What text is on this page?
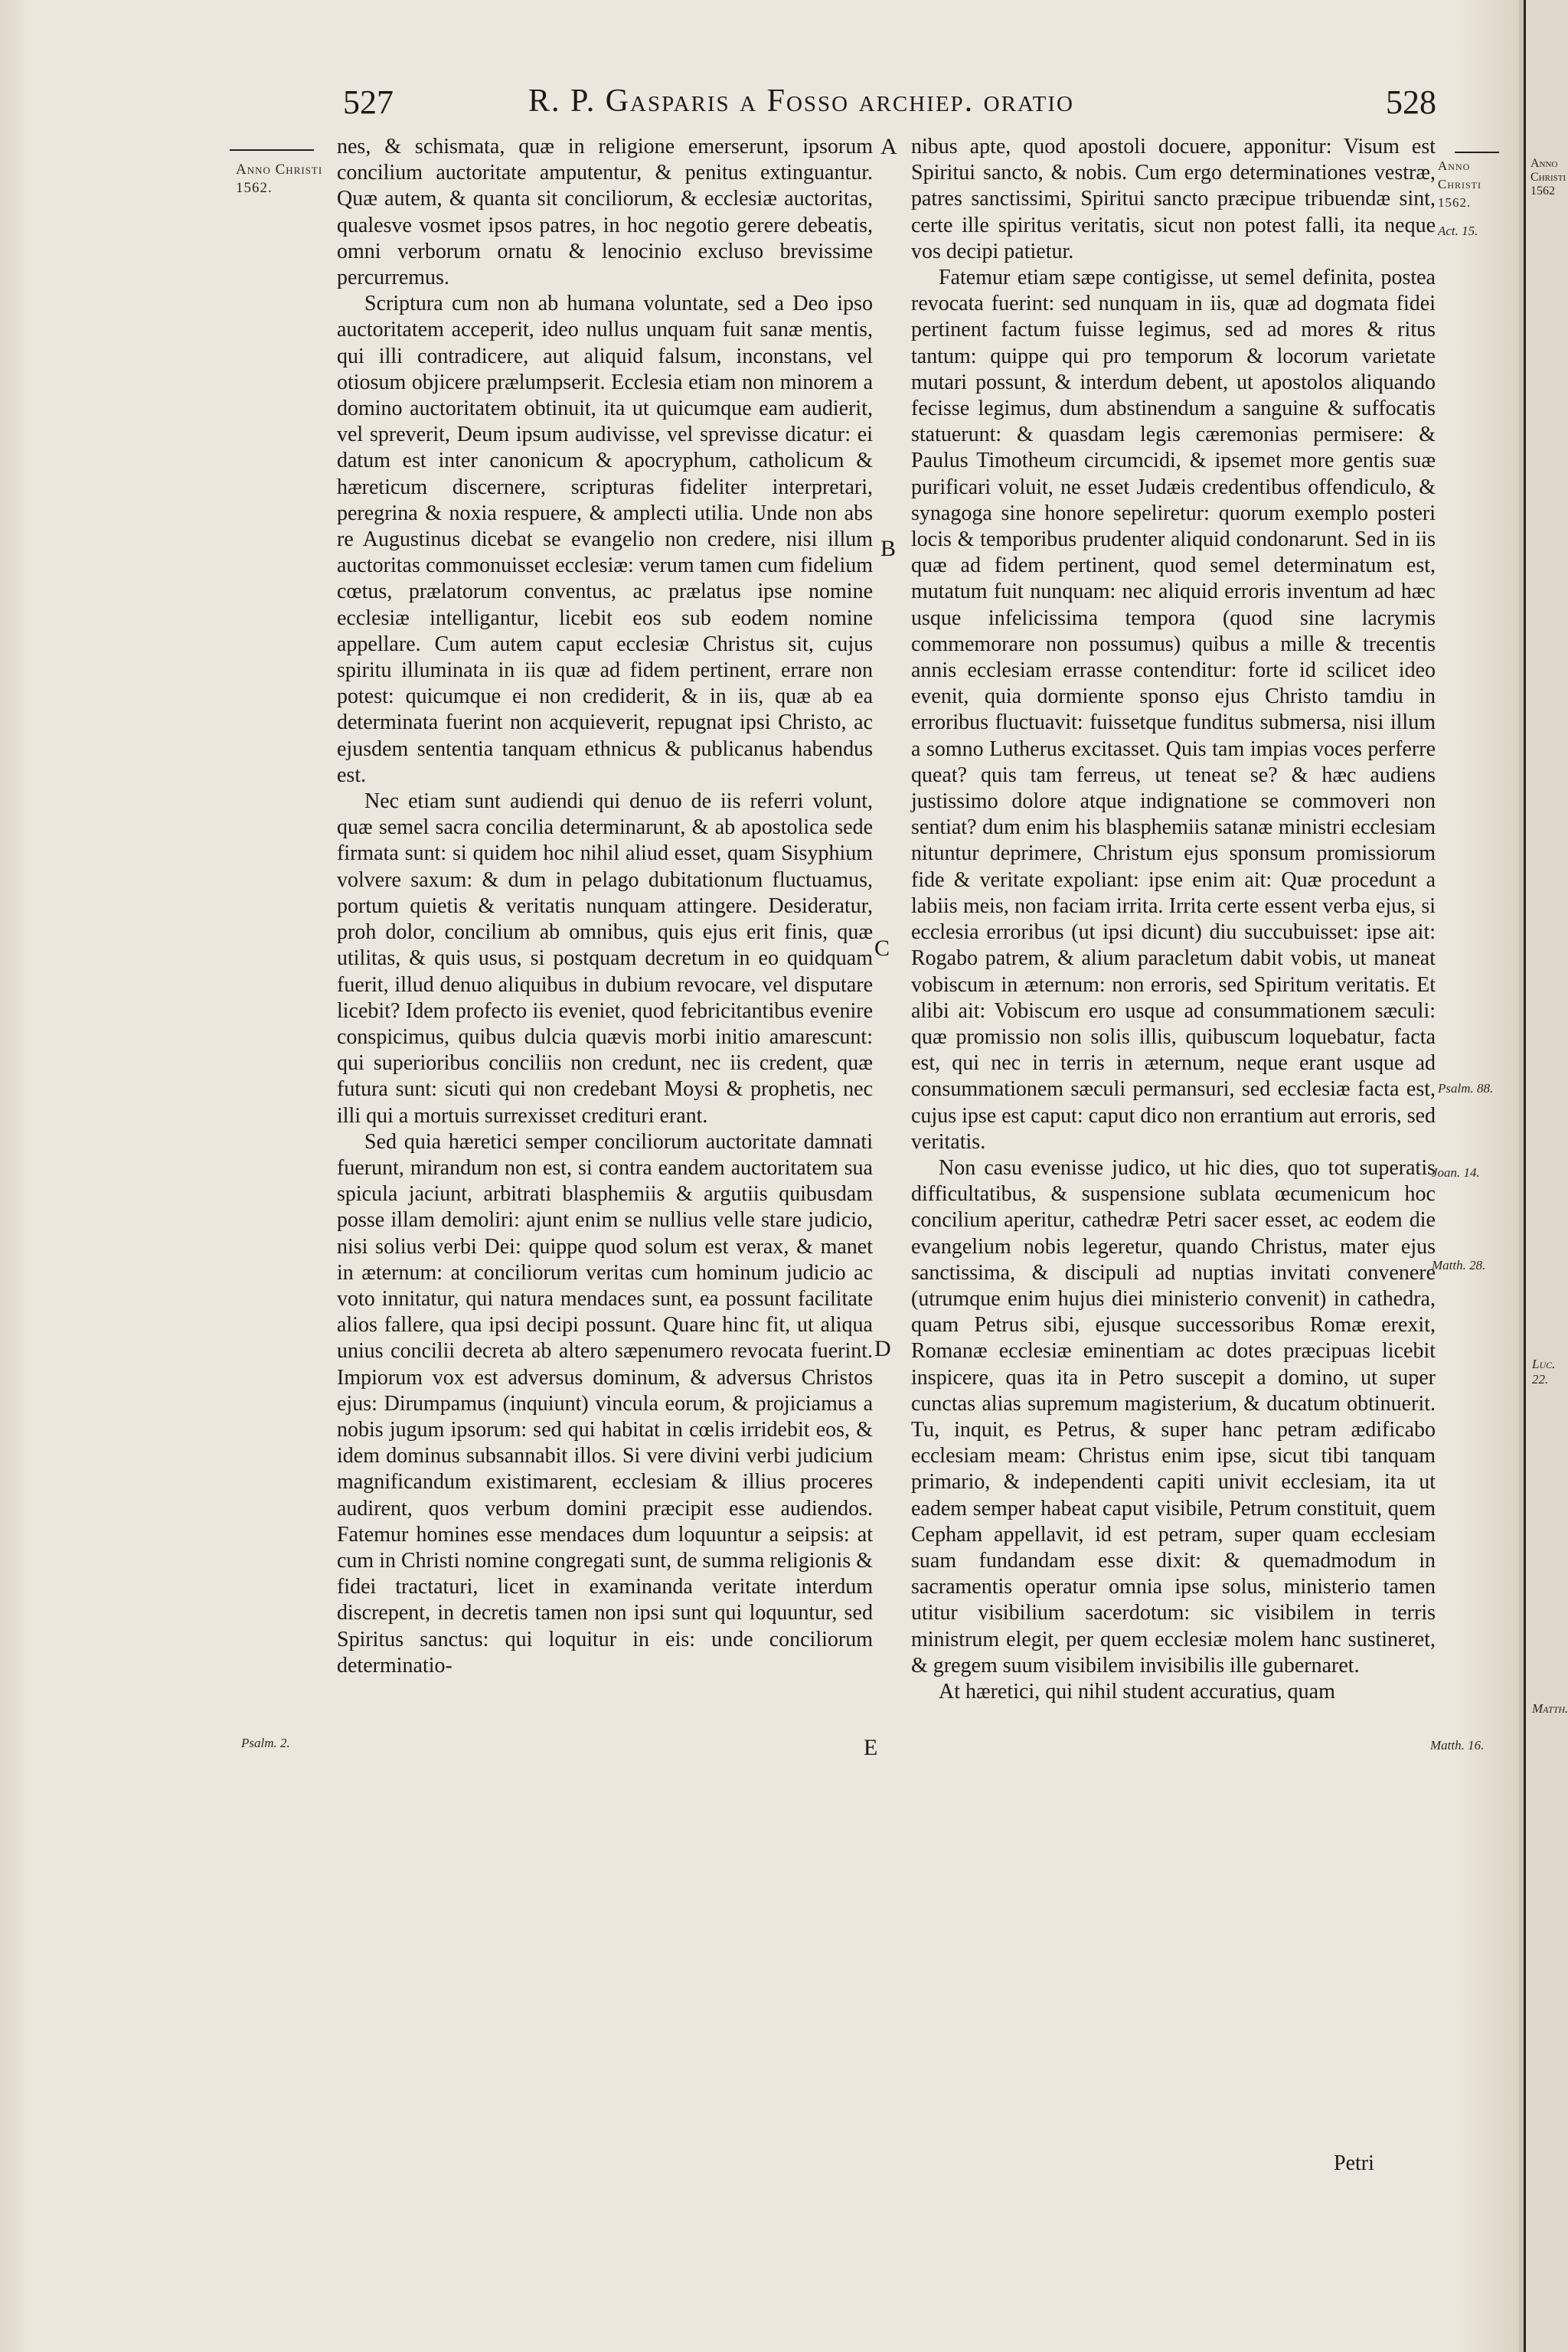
527	R. P. Gasparis a Fosso archiep. oratio	528
Anno Christi 1562.
Anno Christi 1562.
Psalm. 2.
Act. 15.
Psalm. 88.
Joan. 14.
Matth. 28.
Matth. 16.
A
B
C
D
E

nes, & schismata, quæ in religione emerserunt, ipsorum concilium auctoritate amputentur, & penitus extinguantur. Quæ autem, & quanta sit conciliorum, & ecclesiæ auctoritas, qualesve vosmet ipsos patres, in hoc negotio gerere debeatis, omni verborum ornatu & lenocinio excluso brevissime percurremus.

Scriptura cum non ab humana voluntate, sed a Deo ipso auctoritatem acceperit, ideo nullus unquam fuit sanæ mentis, qui illi contradicere, aut aliquid falsum, inconstans, vel otiosum objicere prælumpserit. Ecclesia etiam non minorem a domino auctoritatem obtinuit, ita ut quicumque eam audierit, vel spreverit, Deum ipsum audivisse, vel sprevisse dicatur: ei datum est inter canonicum & apocryphum, catholicum & hæreticum discernere, scripturas fideliter interpretari, peregrina & noxia respuere, & amplecti utilia. Unde non abs re Augustinus dicebat se evangelio non credere, nisi illum auctoritas commonuisset ecclesiæ: verum tamen cum fidelium cœtus, prælatorum conventus, ac prælatus ipse nomine ecclesiæ intelligantur, licebit eos sub eodem nomine appellare. Cum autem caput ecclesiæ Christus sit, cujus spiritu illuminata in iis quæ ad fidem pertinent, errare non potest: quicumque ei non crediderit, & in iis, quæ ab ea determinata fuerint non acquieverit, repugnat ipsi Christo, ac ejusdem sententia tanquam ethnicus & publicanus habendus est.

Nec etiam sunt audiendi qui denuo de iis referri volunt, quæ semel sacra concilia determinarunt, & ab apostolica sede firmata sunt: si quidem hoc nihil aliud esset, quam Sisyphium volvere saxum: & dum in pelago dubitationum fluctuamus, portum quietis & veritatis nunquam attingere. Desideratur, proh dolor, concilium ab omnibus, quis ejus erit finis, quæ utilitas, & quis usus, si postquam decretum in eo quidquam fuerit, illud denuo aliquibus in dubium revocare, vel disputare licebit? Idem profecto iis eveniet, quod febricitantibus evenire conspicimus, quibus dulcia quævis morbi initio amarescunt: qui superioribus conciliis non credunt, nec iis credent, quæ futura sunt: sicuti qui non credebant Moysi & prophetis, nec illi qui a mortuis surrexisset credituri erant.

Sed quia hæretici semper conciliorum auctoritate damnati fuerunt, mirandum non est, si contra eandem auctoritatem sua spicula jaciunt, arbitrati blasphemiis & argutiis quibusdam posse illam demoliri: ajunt enim se nullius velle stare judicio, nisi solius verbi Dei: quippe quod solum est verax, & manet in æternum: at conciliorum veritas cum hominum judicio ac voto innitatur, qui natura mendaces sunt, ea possunt facilitate alios fallere, qua ipsi decipi possunt. Quare hinc fit, ut aliqua unius concilii decreta ab altero sæpenumero revocata fuerint. Impiorum vox est adversus dominum, & adversus Christos ejus: Dirumpamus (inquiunt) vincula eorum, & projiciamus a nobis jugum ipsorum: sed qui habitat in cœlis irridebit eos, & idem dominus subsannabit illos. Si vere divini verbi judicium magnificandum existimarent, ecclesiam & illius proceres audirent, quos verbum domini præcipit esse audiendos. Fatemur homines esse mendaces dum loquuntur a seipsis: at cum in Christi nomine congregati sunt, de summa religionis & fidei tractaturi, licet in examinanda veritate interdum discrepent, in decretis tamen non ipsi sunt qui loquuntur, sed Spiritus sanctus: qui loquitur in eis: unde conciliorum determinatio-

nibus apte, quod apostoli docuere, apponitur: Visum est Spiritui sancto, & nobis. Cum ergo determinationes vestræ, patres sanctissimi, Spiritui sancto præcipue tribuendæ sint, certe ille spiritus veritatis, sicut non potest falli, ita neque vos decipi patietur.

Fatemur etiam sæpe contigisse, ut semel definita, postea revocata fuerint: sed nunquam in iis, quæ ad dogmata fidei pertinent factum fuisse legimus, sed ad mores & ritus tantum: quippe qui pro temporum & locorum varietate mutari possunt, & interdum debent, ut apostolos aliquando fecisse legimus, dum abstinendum a sanguine & suffocatis statuerunt: & quasdam legis cæremonias permisere: & Paulus Timotheum circumcidi, & ipsemet more gentis suæ purificari voluit, ne esset Judæis credentibus offendiculo, & synagoga sine honore sepeliretur: quorum exemplo posteri locis & temporibus prudenter aliquid condonarunt. Sed in iis quæ ad fidem pertinent, quod semel determinatum est, mutatum fuit nunquam: nec aliquid erroris inventum ad hæc usque infelicissima tempora (quod sine lacrymis commemorare non possumus) quibus a mille & trecentis annis ecclesiam errasse contenditur: forte id scilicet ideo evenit, quia dormiente sponso ejus Christo tamdiu in erroribus fluctuavit: fuissetque funditus submersa, nisi illum a somno Lutherus excitasset. Quis tam impias voces perferre queat? quis tam ferreus, ut teneat se? & hæc audiens justissimo dolore atque indignatione se commoveri non sentiat? dum enim his blasphemiis satanæ ministri ecclesiam nituntur deprimere, Christum ejus sponsum promissiorum fide & veritate expoliant: ipse enim ait: Quæ procedunt a labiis meis, non faciam irrita. Irrita certe essent verba ejus, si ecclesia erroribus (ut ipsi dicunt) diu succubuisset: ipse ait: Rogabo patrem, & alium paracletum dabit vobis, ut maneat vobiscum in æternum: non erroris, sed Spiritum veritatis. Et alibi ait: Vobiscum ero usque ad consummationem sæculi: quæ promissio non solis illis, quibuscum loquebatur, facta est, qui nec in terris in æternum, neque erant usque ad consummationem sæculi permansuri, sed ecclesiæ facta est, cujus ipse est caput: caput dico non errantium aut erroris, sed veritatis.

Non casu evenisse judico, ut hic dies, quo tot superatis difficultatibus, & suspensione sublata œcumenicum hoc concilium aperitur, cathedræ Petri sacer esset, ac eodem die evangelium nobis legeretur, quando Christus, mater ejus sanctissima, & discipuli ad nuptias invitati convenere (utrumque enim hujus diei ministerio convenit) in cathedra, quam Petrus sibi, ejusque successoribus Romæ erexit, Romanæ ecclesiæ eminentiam ac dotes præcipuas licebit inspicere, quas ita in Petro suscepit a domino, ut super cunctas alias supremum magisterium, & ducatum obtinuerit. Tu, inquit, es Petrus, & super hanc petram ædificabo ecclesiam meam: Christus enim ipse, sicut tibi tanquam primario, & independenti capiti univit ecclesiam, ita ut eadem semper habeat caput visibile, Petrum constituit, quem Cepham appellavit, id est petram, super quam ecclesiam suam fundandam esse dixit: & quemadmodum in sacramentis operatur omnia ipse solus, ministerio tamen utitur visibilium sacerdotum: sic visibilem in terris ministrum elegit, per quem ecclesiæ molem hanc sustineret, & gregem suum visibilem invisibilis ille gubernaret.

At hæretici, qui nihil student accuratius, quam

Petri
Anno Christi 1562
Luc. 22.
Matth.
